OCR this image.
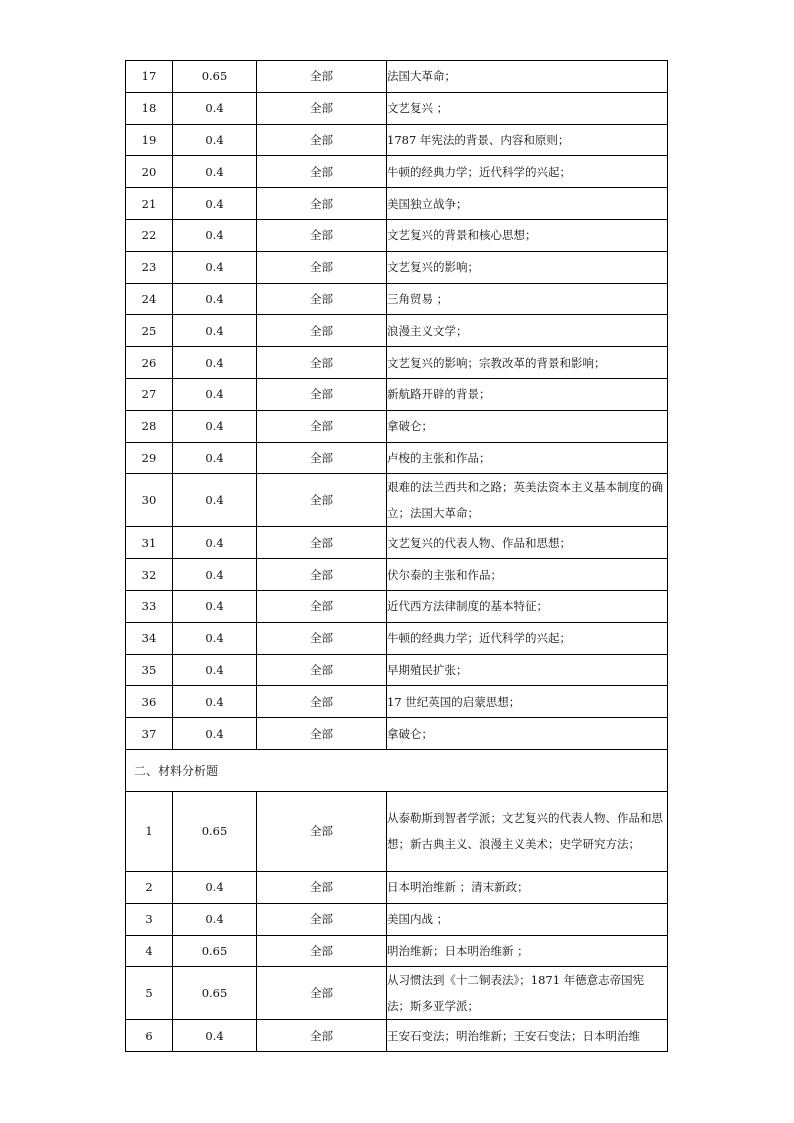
17	0.65	全部	法国大革命；
18	0.4	全部	文艺复兴 ；
19	0.4	全部	1787 年宪法的背景、内容和原则；
20	0.4	全部	牛顿的经典力学；近代科学的兴起；
21	0.4	全部	美国独立战争；
22	0.4	全部	文艺复兴的背景和核心思想；
23	0.4	全部	文艺复兴的影响；
24	0.4	全部	三角贸易 ；
25	0.4	全部	浪漫主义文学；
26	0.4	全部	文艺复兴的影响；宗教改革的背景和影响；
27	0.4	全部	新航路开辟的背景；
28	0.4	全部	拿破仑；
29	0.4	全部	卢梭的主张和作品；
30	0.4	全部	艰难的法兰西共和之路；英美法资本主义基本制度的确立；法国大革命；
31	0.4	全部	文艺复兴的代表人物、作品和思想；
32	0.4	全部	伏尔泰的主张和作品；
33	0.4	全部	近代西方法律制度的基本特征；
34	0.4	全部	牛顿的经典力学；近代科学的兴起；
35	0.4	全部	早期殖民扩张；
36	0.4	全部	17 世纪英国的启蒙思想；
37	0.4	全部	拿破仑；
二、材料分析题			
1	0.65	全部	从泰勒斯到智者学派；文艺复兴的代表人物、作品和思想；新古典主义、浪漫主义美术；史学研究方法；
2	0.4	全部	日本明治维新 ；清末新政；
3	0.4	全部	美国内战 ；
4	0.65	全部	明治维新；日本明治维新 ；
5	0.65	全部	从习惯法到《十二铜表法》；1871 年德意志帝国宪法；斯多亚学派；
6	0.4	全部	王安石变法；明治维新；王安石变法；日本明治维
